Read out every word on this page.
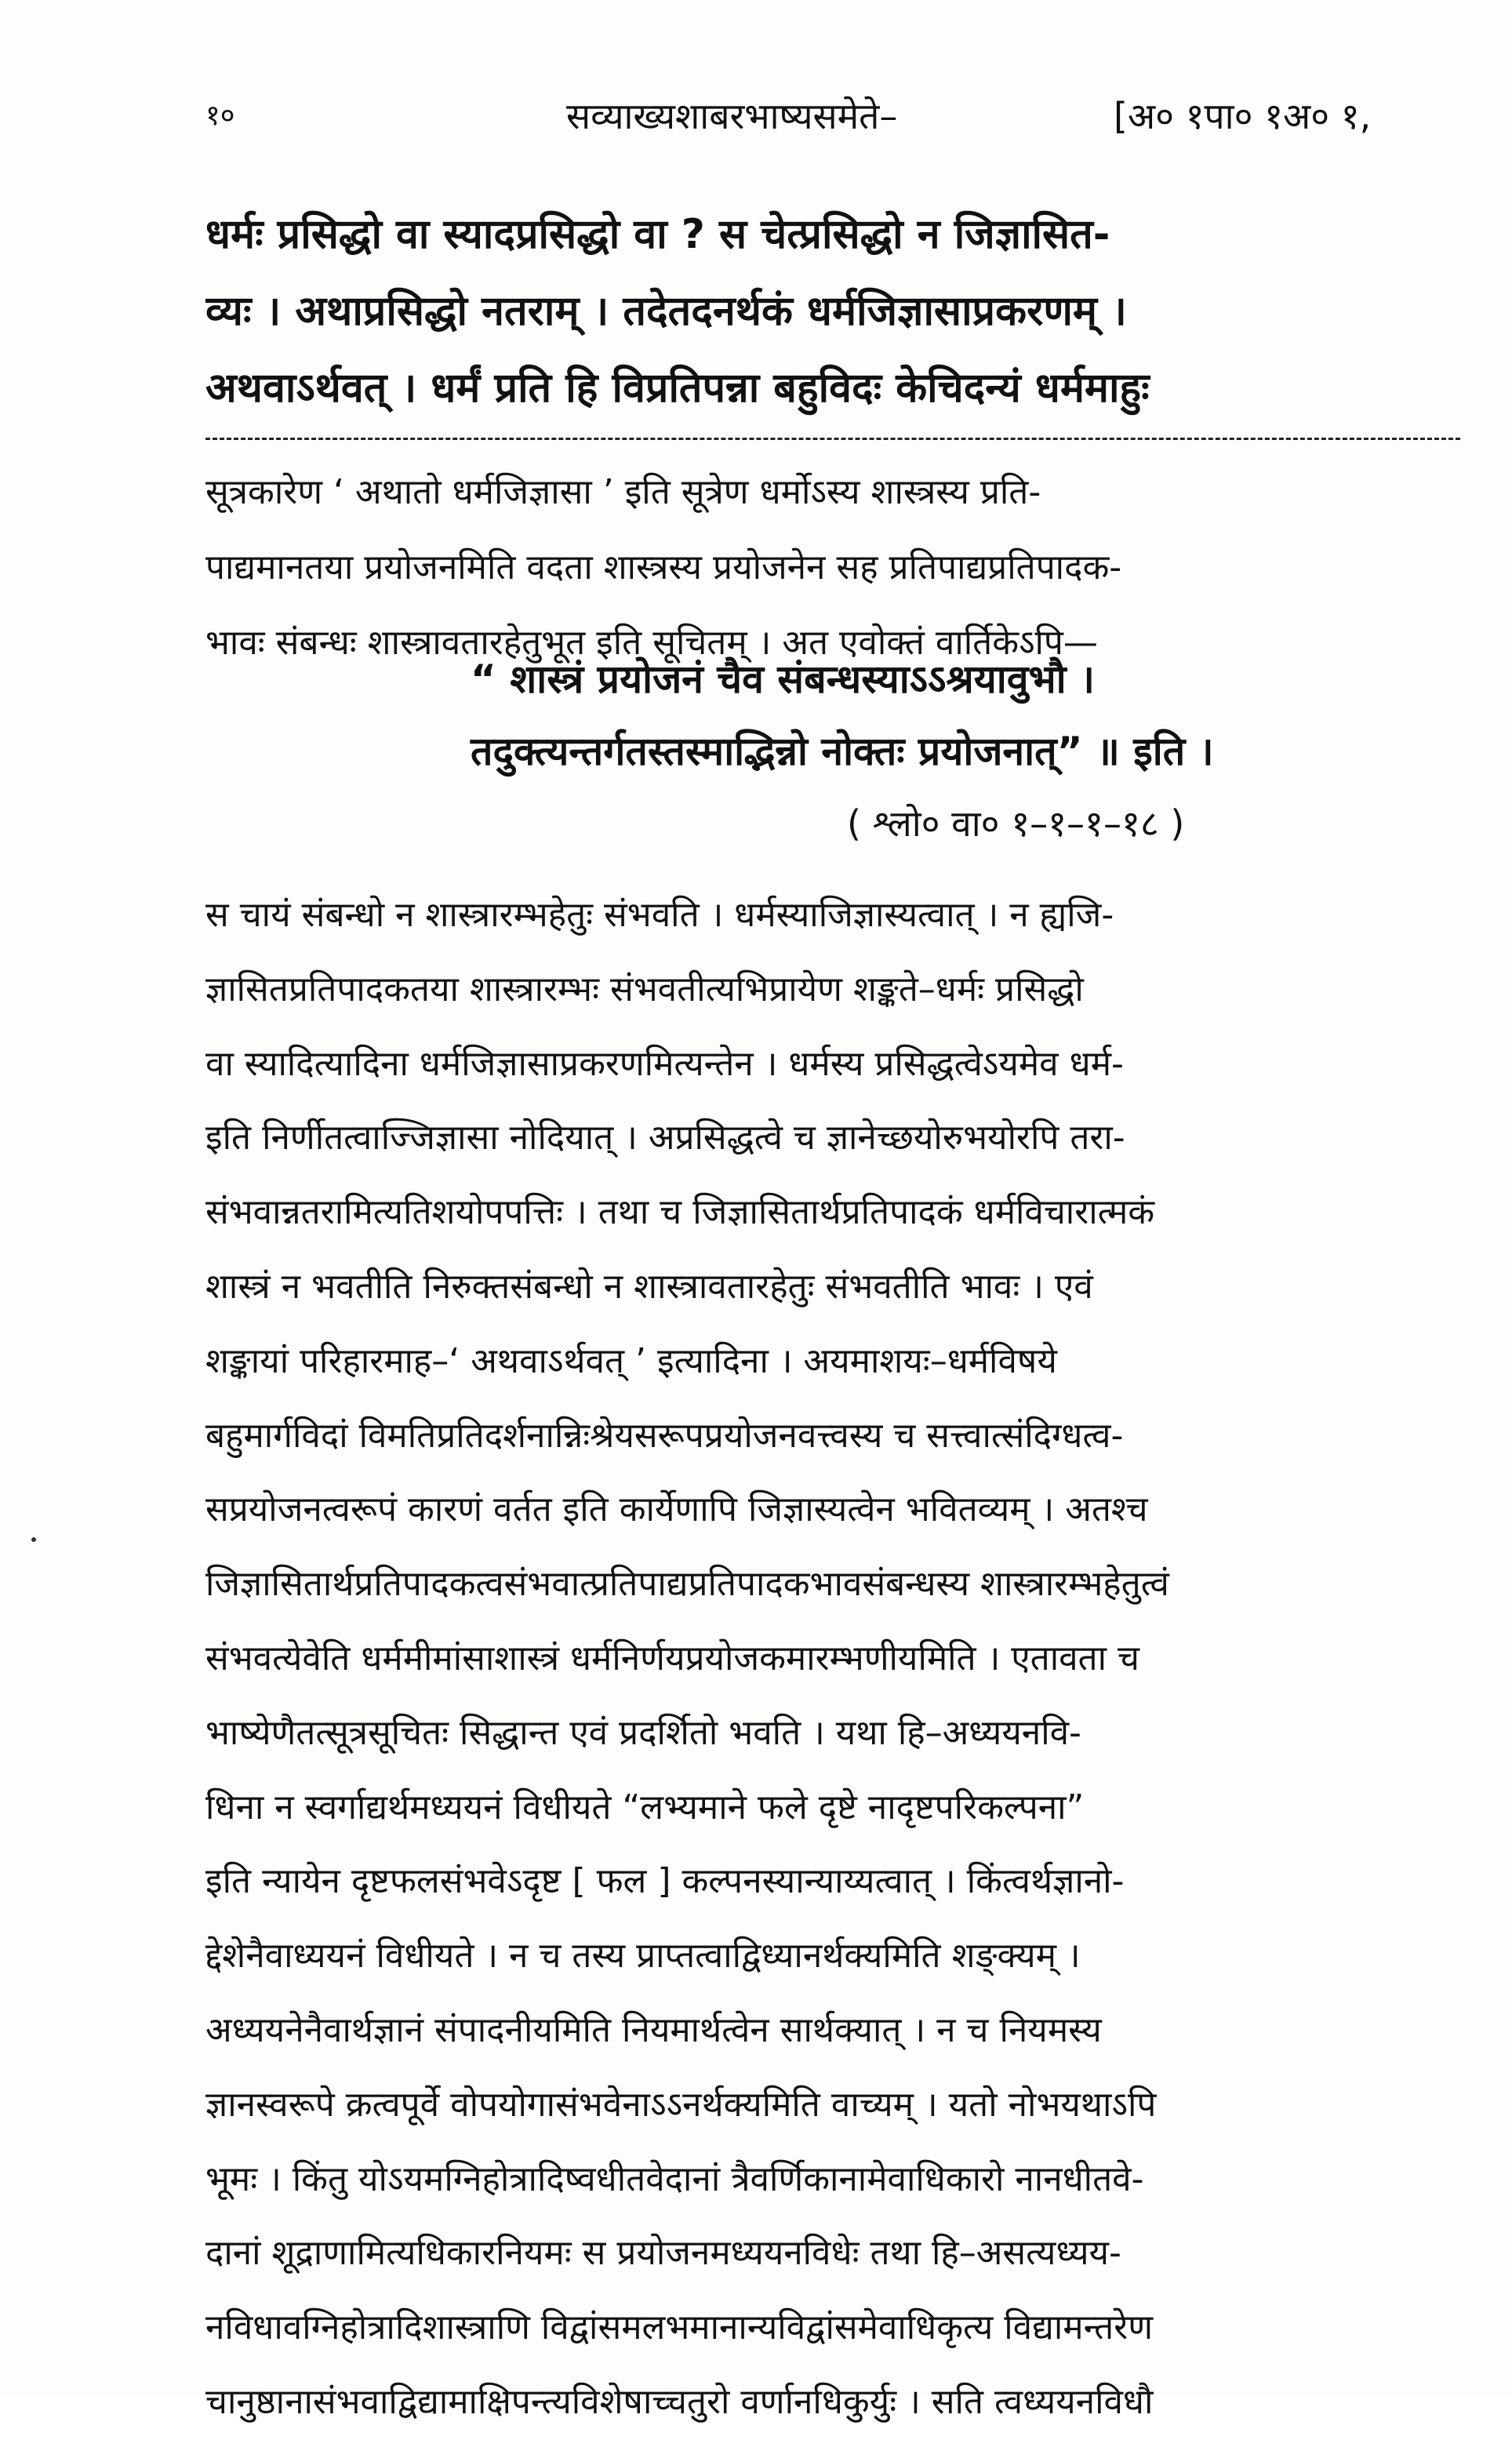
१०	सव्याख्यशाबरभाष्यसमेते–	[अ० १पा० १अ० १,
धर्मः प्रसिद्धो वा स्यादप्रसिद्धो वा ? स चेत्प्रसिद्धो न जिज्ञासित-
व्यः । अथाप्रसिद्धो नतराम् । तदेतदनर्थकं धर्मजिज्ञासाप्रकरणम् ।
अथवाऽर्थवत् । धर्मं प्रति हि विप्रतिपन्ना बहुविदः केचिदन्यं धर्ममाहुः
सूत्रकारेण ‘ अथातो धर्मजिज्ञासा ’ इति सूत्रेण धर्मोऽस्य शास्त्रस्य प्रति-
पाद्यमानतया प्रयोजनमिति वदता शास्त्रस्य प्रयोजनेन सह प्रतिपाद्यप्रतिपादक-
भावः संबन्धः शास्त्रावतारहेतुभूत इति सूचितम् । अत एवोक्तं वार्तिकेऽपि—
“ शास्त्रं प्रयोजनं चैव संबन्धस्याऽऽश्रयावुभौ ।
तदुक्त्यन्तर्गतस्तस्माद्भिन्नो नोक्तः प्रयोजनात्” ॥ इति ।
( श्लो० वा० १–१–१–१८ )
स चायं संबन्धो न शास्त्रारम्भहेतुः संभवति । धर्मस्याजिज्ञास्यत्वात् । न ह्यजि-
ज्ञासितप्रतिपादकतया शास्त्रारम्भः संभवतीत्यभिप्रायेण शङ्कते–धर्मः प्रसिद्धो
वा स्यादित्यादिना धर्मजिज्ञासाप्रकरणमित्यन्तेन । धर्मस्य प्रसिद्धत्वेऽयमेव धर्म-
इति निर्णीतत्वाज्जिज्ञासा नोदियात् । अप्रसिद्धत्वे च ज्ञानेच्छयोरुभयोरपि तरा-
संभवान्नतरामित्यतिशयोपपत्तिः । तथा च जिज्ञासितार्थप्रतिपादकं धर्मविचारात्मकं
शास्त्रं न भवतीति निरुक्तसंबन्धो न शास्त्रावतारहेतुः संभवतीति भावः । एवं
शङ्कायां परिहारमाह–‘ अथवाऽर्थवत् ’ इत्यादिना । अयमाशयः–धर्मविषये
बहुमार्गविदां विमतिप्रतिदर्शनान्निःश्रेयसरूपप्रयोजनवत्त्वस्य च सत्त्वात्संदिग्धत्व-
सप्रयोजनत्वरूपं कारणं वर्तत इति कार्येणापि जिज्ञास्यत्वेन भवितव्यम् । अतश्च
जिज्ञासितार्थप्रतिपादकत्वसंभवात्प्रतिपाद्यप्रतिपादकभावसंबन्धस्य शास्त्रारम्भहेतुत्वं
संभवत्येवेति धर्ममीमांसाशास्त्रं धर्मनिर्णयप्रयोजकमारम्भणीयमिति । एतावता च
भाष्येणैतत्सूत्रसूचितः सिद्धान्त एवं प्रदर्शितो भवति । यथा हि–अध्ययनवि-
धिना न स्वर्गाद्यर्थमध्ययनं विधीयते “लभ्यमाने फले दृष्टे नादृष्टपरिकल्पना”
इति न्यायेन दृष्टफलसंभवेऽदृष्ट [ फल ] कल्पनस्यान्याय्यत्वात् । किंत्वर्थज्ञानो-
द्देशेनैवाध्ययनं विधीयते । न च तस्य प्राप्तत्वाद्विध्यानर्थक्यमिति शङ्क्यम् ।
अध्ययनेनैवार्थज्ञानं संपादनीयमिति नियमार्थत्वेन सार्थक्यात् । न च नियमस्य
ज्ञानस्वरूपे क्रत्वपूर्वे वोपयोगासंभवेनाऽऽनर्थक्यमिति वाच्यम् । यतो नोभयथाऽपि
भूमः । किंतु योऽयमग्निहोत्रादिष्वधीतवेदानां त्रैवर्णिकानामेवाधिकारो नानधीतवे-
दानां शूद्राणामित्यधिकारनियमः स प्रयोजनमध्ययनविधेः तथा हि–असत्यध्यय-
नविधावग्निहोत्रादिशास्त्राणि विद्वांसमलभमानान्यविद्वांसमेवाधिकृत्य विद्यामन्तरेण
चानुष्ठानासंभवाद्विद्यामाक्षिपन्त्यविशेषाच्चतुरो वर्णानधिकुर्युः । सति त्वध्ययनविधौ
